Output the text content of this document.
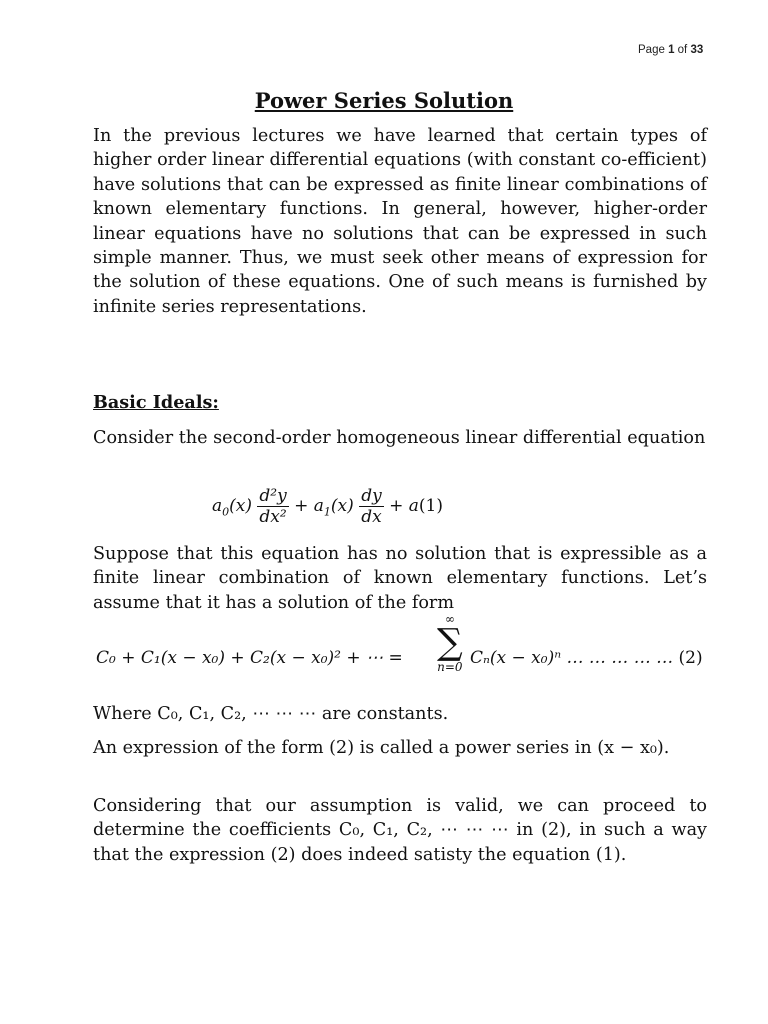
Page 1 of 33
Power Series Solution
In the previous lectures we have learned that certain types of higher order linear differential equations (with constant co-efficient) have solutions that can be expressed as finite linear combinations of known elementary functions. In general, however, higher-order linear equations have no solutions that can be expressed in such simple manner. Thus, we must seek other means of expression for the solution of these equations. One of such means is furnished by infinite series representations.
Basic Ideals:
Consider the second-order homogeneous linear differential equation
$a_0(x) \frac{\text{d²y}}{\text{dx²}} + a_1(x) \frac{dy}{dx} + a(1)$
Suppose that this equation has no solution that is expressible as a finite linear combination of known elementary functions. Let’s assume that it has a solution of the form
C₀ + C₁(x − x₀) + C₂(x − x₀)² + ⋯ =
∞
∑
n=0 Cₙ(x − x₀)ⁿ … … … … … (2)
Where C₀, C₁, C₂, ⋯ ⋯ ⋯ are constants.
An expression of the form (2) is called a power series in (x − x₀).
Considering that our assumption is valid, we can proceed to determine the coefficients C₀, C₁, C₂, ⋯ ⋯ ⋯ in (2), in such a way that the expression (2) does indeed satisty the equation (1).
